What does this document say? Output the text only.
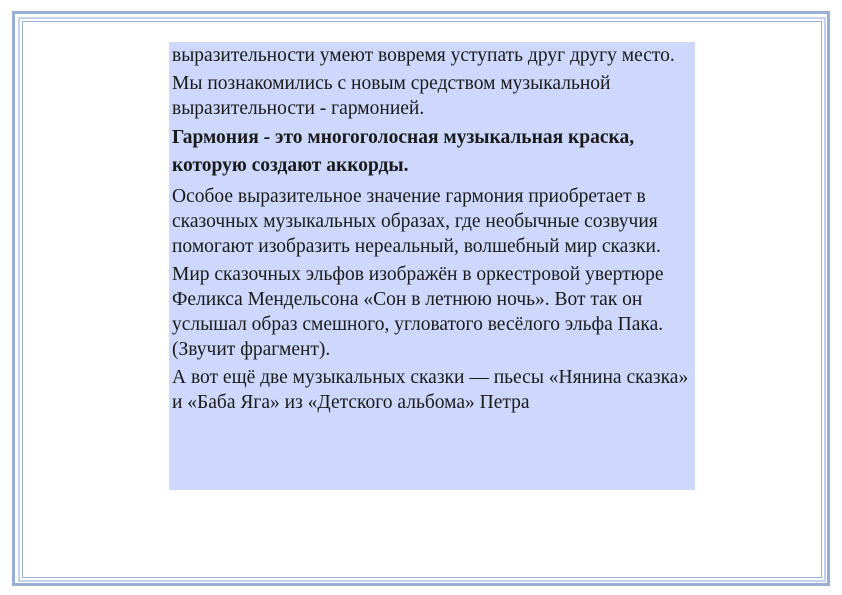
выразительности умеют вовремя уступать друг другу место.

Мы познакомились с новым средством музыкальной выразительности - гармонией.

Гармония - это многоголосная музыкальная краска, которую создают аккорды.

Особое выразительное значение гармония приобретает в сказочных музыкальных образах, где необычные созвучия помогают изобразить нереальный, волшебный мир сказки.

Мир сказочных эльфов изображён в оркестровой увертюре Феликса Мендельсона «Сон в летнюю ночь». Вот так он услышал образ смешного, угловатого весёлого эльфа Пака. (Звучит фрагмент).

А вот ещё две музыкальных сказки — пьесы «Нянина сказка» и «Баба Яга» из «Детского альбома» Петра
